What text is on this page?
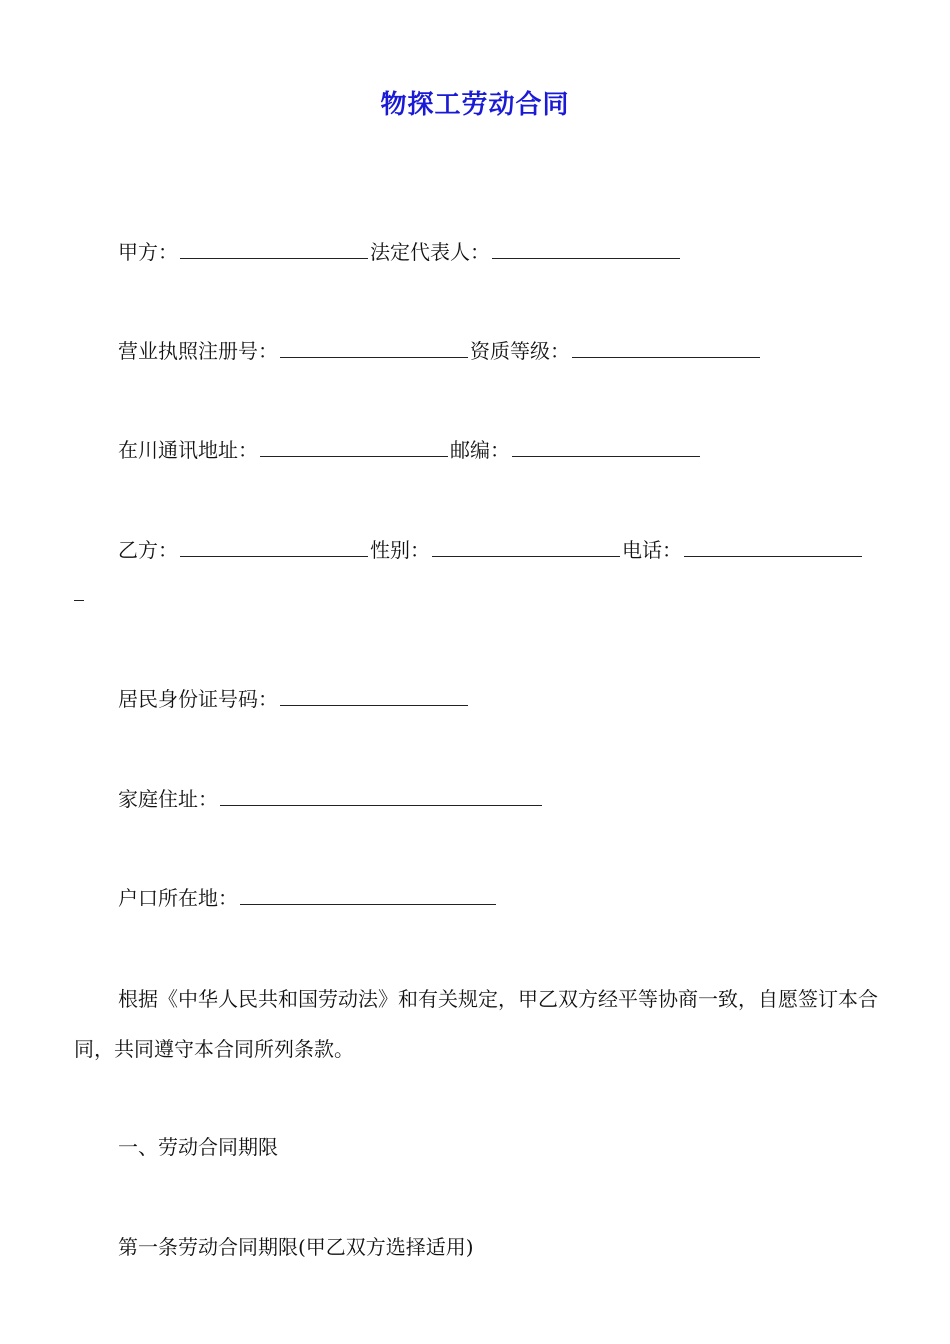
物探工劳动合同
甲方：	法定代表人：
营业执照注册号：	资质等级：
在川通讯地址：	邮编：
乙方：	性别：	电话：
居民身份证号码：
家庭住址：
户口所在地：
根据《中华人民共和国劳动法》和有关规定，甲乙双方经平等协商一致，自愿签订本合同，共同遵守本合同所列条款。
一、劳动合同期限
第一条劳动合同期限(甲乙双方选择适用)
